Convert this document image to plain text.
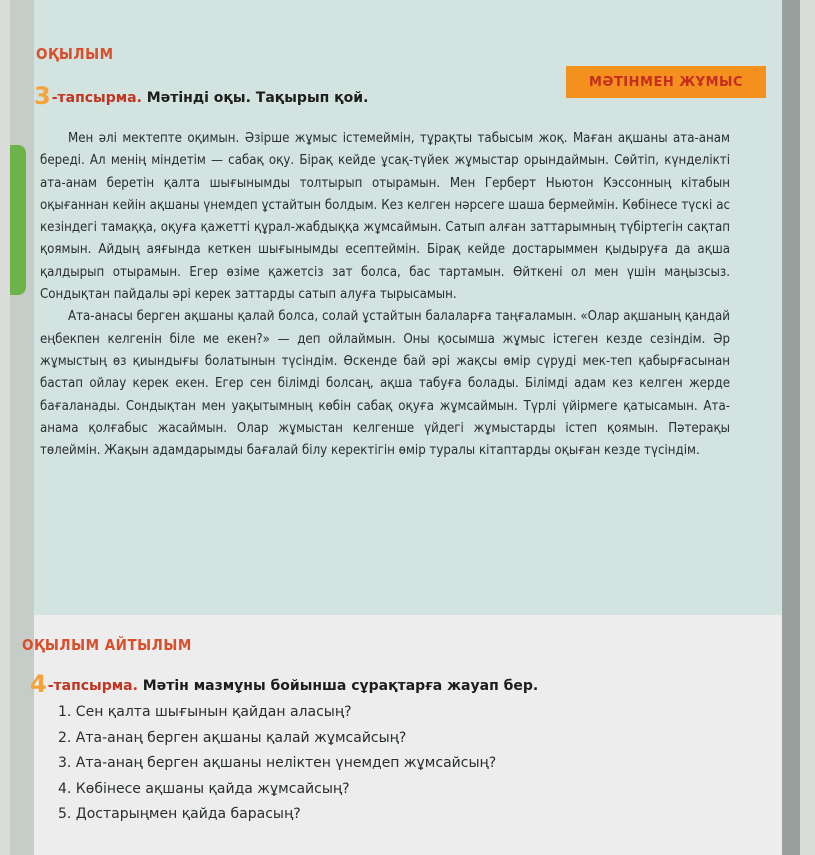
ОҚЫЛЫМ
МӘТІНМЕН ЖҰМЫС
3-тапсырма. Мәтінді оқы. Тақырып қой.

Мен әлі мектепте оқимын. Әзірше жұмыс істемеймін, тұрақты табысым жоқ. Маған ақшаны ата-анам береді. Ал менің міндетім — сабақ оқу. Бірақ кейде ұсақ-түйек жұмыстар орындаймын. Сөйтіп, күнделікті ата-анам беретін қалта шығынымды толтырып отырамын. Мен Герберт Ньютон Кэссонның кітабын оқығаннан кейін ақшаны үнемдеп ұстайтын болдым. Кез келген нәрсеге шаша бермеймін. Көбінесе түскі ас кезіндегі тамаққа, оқуға қажетті құрал-жабдыққа жұмсаймын. Сатып алған заттарымның түбіртегін сақтап қоямын. Айдың аяғында кеткен шығынымды есептеймін. Бірақ кейде достарыммен қыдыруға да ақша қалдырып отырамын. Егер өзіме қажетсіз зат болса, бас тартамын. Өйткені ол мен үшін маңызсыз. Сондықтан пайдалы әрі керек заттарды сатып алуға тырысамын.

Ата-анасы берген ақшаны қалай болса, солай ұстайтын балаларға таңғаламын. «Олар ақшаның қандай еңбекпен келгенін біле ме екен?» — деп ойлаймын. Оны қосымша жұмыс істеген кезде сезіндім. Әр жұмыстың өз қиындығы болатынын түсіндім. Өскенде бай әрі жақсы өмір сүруді мек-теп қабырғасынан бастап ойлау керек екен. Егер сен білімді болсаң, ақша табуға болады. Білімді адам кез келген жерде бағаланады. Сондықтан мен уақытымның көбін сабақ оқуға жұмсаймын. Түрлі үйірмеге қатысамын. Ата-анама қолғабыс жасаймын. Олар жұмыстан келгенше үйдегі жұмыстарды істеп қоямын. Пәтерақы төлеймін. Жақын адамдарымды бағалай білу керектігін өмір туралы кітаптарды оқыған кезде түсіндім.

ОҚЫЛЫМ АЙТЫЛЫМ
4-тапсырма. Мәтін мазмұны бойынша сұрақтарға жауап бер.
1. Сен қалта шығынын қайдан аласың?
2. Ата-анаң берген ақшаны қалай жұмсайсың?
3. Ата-анаң берген ақшаны неліктен үнемдеп жұмсайсың?
4. Көбінесе ақшаны қайда жұмсайсың?
5. Достарыңмен қайда барасың?
